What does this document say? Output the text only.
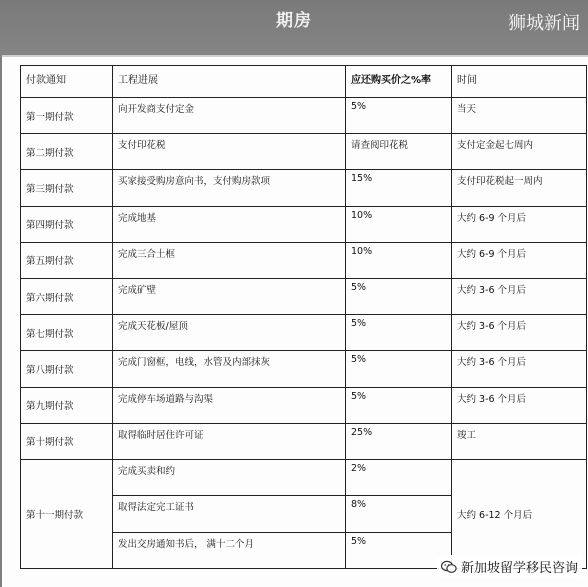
期房	狮城新闻
付款通知	工程进展	应还购买价之%率	时间
第一期付款	向开发商支付定金	5%	当天
第二期付款	支付印花税	请查阅印花税	支付定金起七周内
第三期付款	买家接受购房意向书，支付购房款项	15%	支付印花税起一周内
第四期付款	完成地基	10%	大约 6-9 个月后
第五期付款	完成三合土框	10%	大约 6-9 个月后
第六期付款	完成矿壁	5%	大约 3-6 个月后
第七期付款	完成天花板/屋顶	5%	大约 3-6 个月后
第八期付款	完成门窗框，电线，水管及内部抹灰	5%	大约 3-6 个月后
第九期付款	完成停车场道路与沟渠	5%	大约 3-6 个月后
第十期付款	取得临时居住许可证	25%	竣工
第十一期付款	完成买卖和约	2%	大约 6-12 个月后
	取得法定完工证书	8%	
	发出交房通知书后， 满十二个月	5%	
新加坡留学移民咨询
